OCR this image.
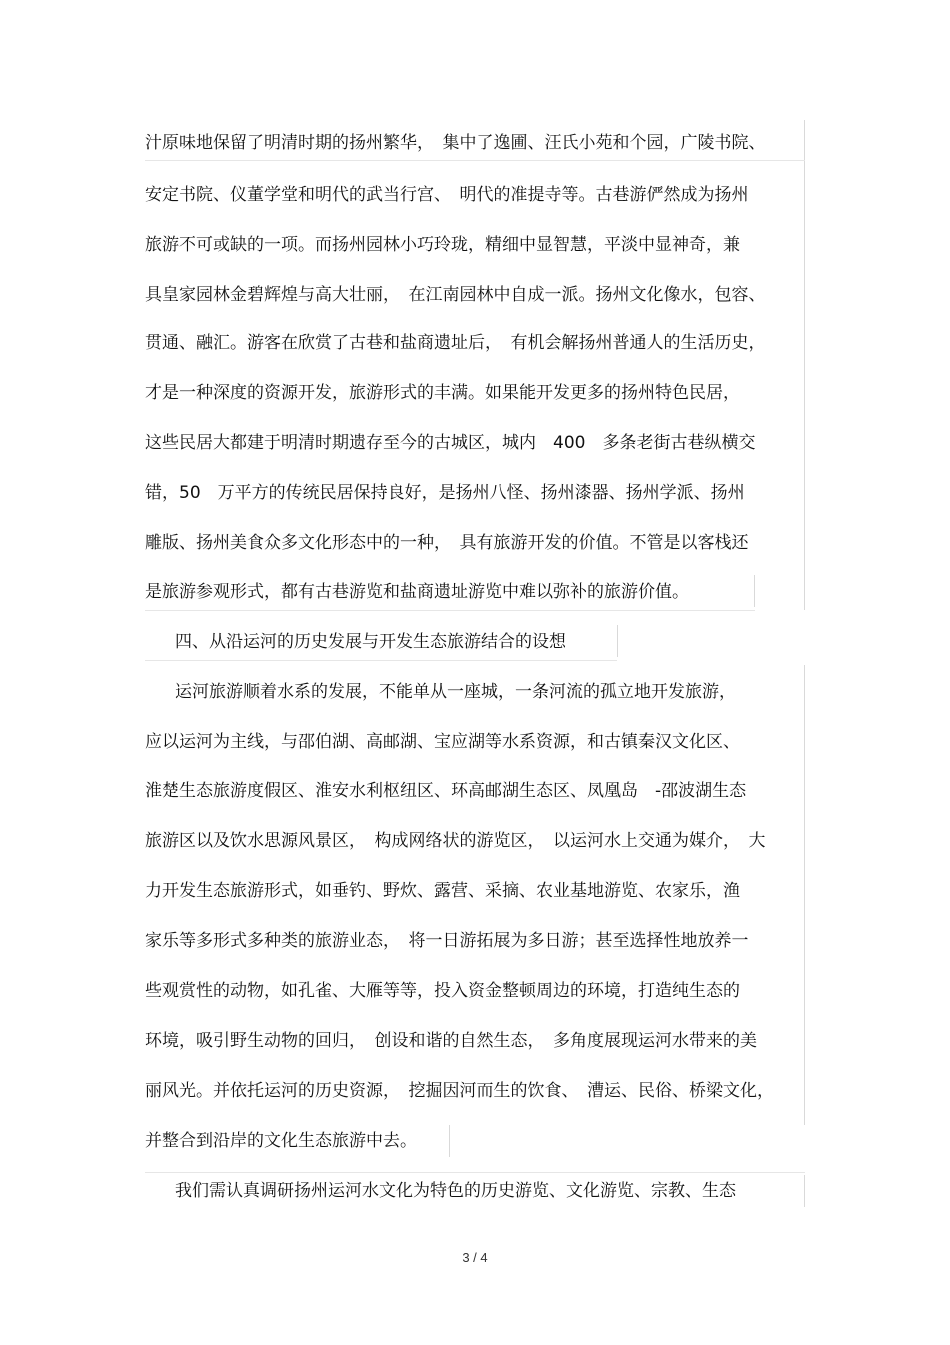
汁原味地保留了明清时期的扬州繁华，　集中了逸圃、汪氏小苑和个园，广陵书院、
安定书院、仪董学堂和明代的武当行宫、　明代的准提寺等。古巷游俨然成为扬州
旅游不可或缺的一项。而扬州园林小巧玲珑，精细中显智慧，平淡中显神奇，兼
具皇家园林金碧辉煌与高大壮丽，　在江南园林中自成一派。扬州文化像水，包容、
贯通、融汇。游客在欣赏了古巷和盐商遗址后，　有机会解扬州普通人的生活历史，
才是一种深度的资源开发，旅游形式的丰满。如果能开发更多的扬州特色民居，
这些民居大都建于明清时期遗存至今的古城区，城内　400　多条老街古巷纵横交
错，50　万平方的传统民居保持良好，是扬州八怪、扬州漆器、扬州学派、扬州
雕版、扬州美食众多文化形态中的一种，　具有旅游开发的价值。不管是以客栈还
是旅游参观形式，都有古巷游览和盐商遗址游览中难以弥补的旅游价值。
四、从沿运河的历史发展与开发生态旅游结合的设想
运河旅游顺着水系的发展，不能单从一座城，一条河流的孤立地开发旅游，
应以运河为主线，与邵伯湖、高邮湖、宝应湖等水系资源，和古镇秦汉文化区、
淮楚生态旅游度假区、淮安水利枢纽区、环高邮湖生态区、凤凰岛　-邵波湖生态
旅游区以及饮水思源风景区，　构成网络状的游览区，　以运河水上交通为媒介，　大
力开发生态旅游形式，如垂钓、野炊、露营、采摘、农业基地游览、农家乐，渔
家乐等多形式多种类的旅游业态，　将一日游拓展为多日游；甚至选择性地放养一
些观赏性的动物，如孔雀、大雁等等，投入资金整顿周边的环境，打造纯生态的
环境，吸引野生动物的回归，　创设和谐的自然生态，　多角度展现运河水带来的美
丽风光。并依托运河的历史资源，　挖掘因河而生的饮食、　漕运、民俗、桥梁文化，
并整合到沿岸的文化生态旅游中去。
我们需认真调研扬州运河水文化为特色的历史游览、文化游览、宗教、生态
3 / 4
